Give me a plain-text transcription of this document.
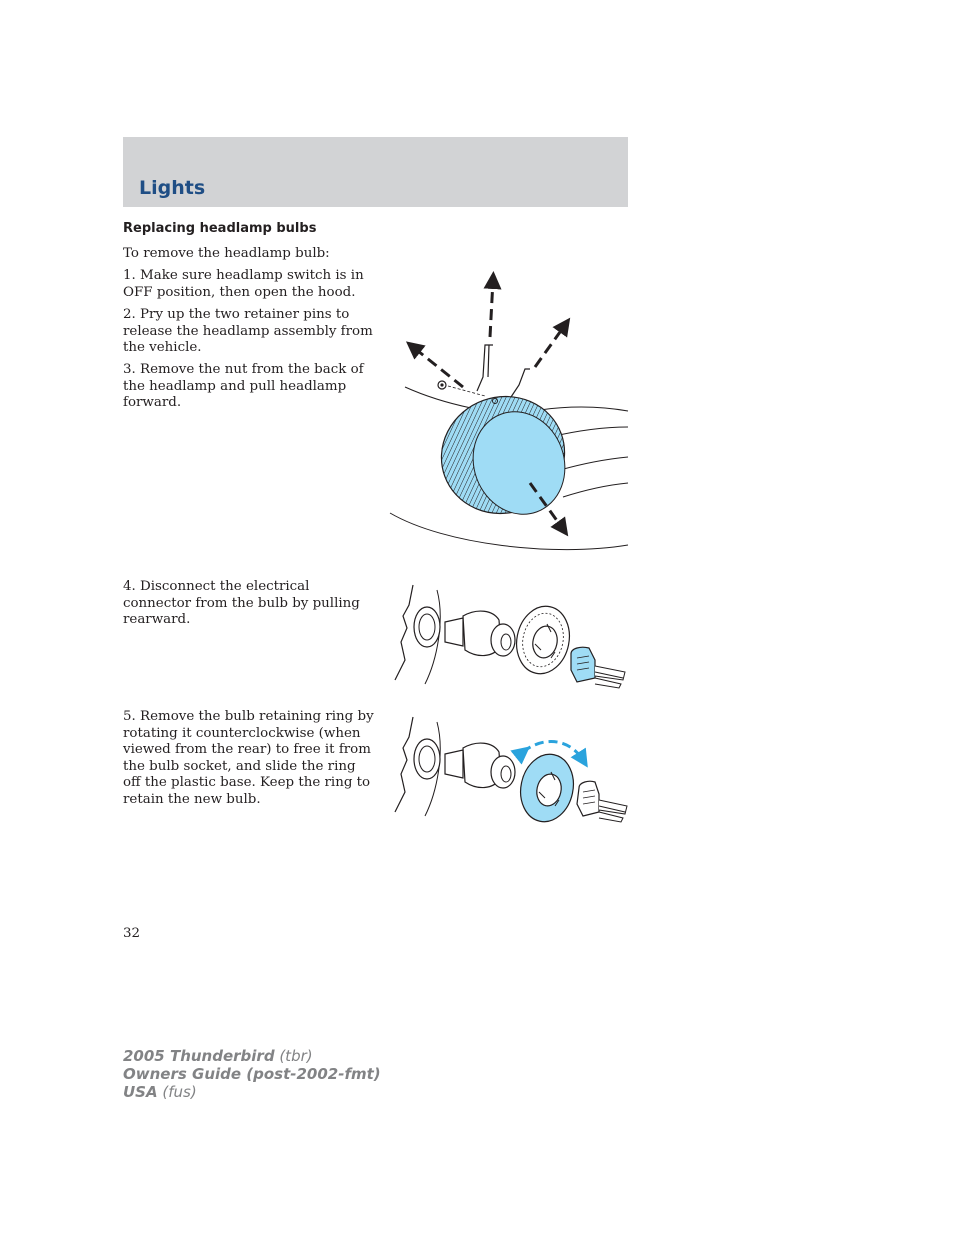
Lights
Replacing headlamp bulbs

To remove the headlamp bulb:

1. Make sure headlamp switch is in OFF position, then open the hood.

2. Pry up the two retainer pins to release the headlamp assembly from the vehicle.

3. Remove the nut from the back of the headlamp and pull headlamp forward.

4. Disconnect the electrical connector from the bulb by pulling rearward.

5. Remove the bulb retaining ring by rotating it counterclockwise (when viewed from the rear) to free it from the bulb socket, and slide the ring off the plastic base. Keep the ring to retain the new bulb.

32

2005 Thunderbird (tbr)
Owners Guide (post-2002-fmt)
USA (fus)
